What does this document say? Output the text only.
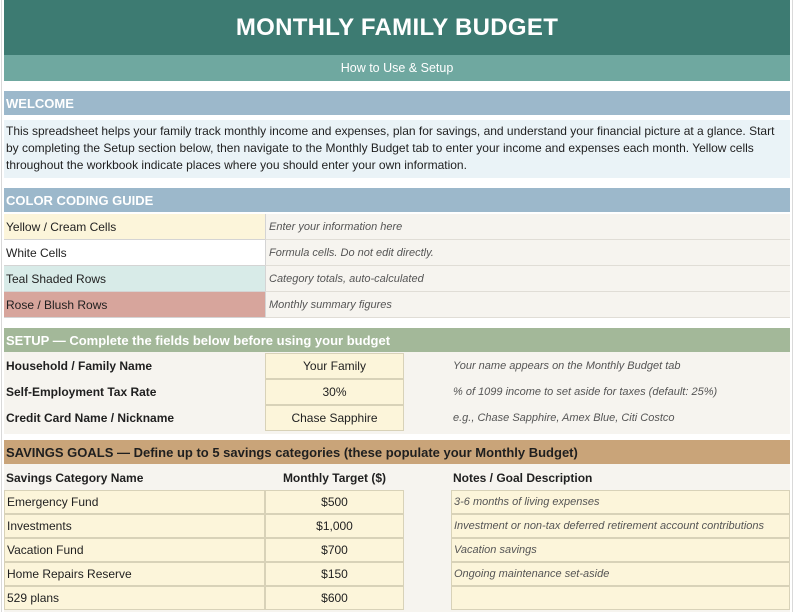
MONTHLY FAMILY BUDGET
How to Use & Setup
WELCOME
This spreadsheet helps your family track monthly income and expenses, plan for savings, and understand your financial picture at a glance. Start by completing the Setup section below, then navigate to the Monthly Budget tab to enter your income and expenses each month. Yellow cells throughout the workbook indicate places where you should enter your own information.
COLOR CODING GUIDE
Yellow / Cream Cells	Enter your information here
White Cells	Formula cells. Do not edit directly.
Teal Shaded Rows	Category totals, auto-calculated
Rose / Blush Rows	Monthly summary figures
SETUP — Complete the fields below before using your budget
Household / Family Name	Your Family	Your name appears on the Monthly Budget tab
Self-Employment Tax Rate	30%	% of 1099 income to set aside for taxes (default: 25%)
Credit Card Name / Nickname	Chase Sapphire	e.g., Chase Sapphire, Amex Blue, Citi Costco
SAVINGS GOALS — Define up to 5 savings categories (these populate your Monthly Budget)
Savings Category Name	Monthly Target ($)	Notes / Goal Description
Emergency Fund	$500	3-6 months of living expenses
Investments	$1,000	Investment or non-tax deferred retirement account contributions
Vacation Fund	$700	Vacation savings
Home Repairs Reserve	$150	Ongoing maintenance set-aside
529 plans	$600
